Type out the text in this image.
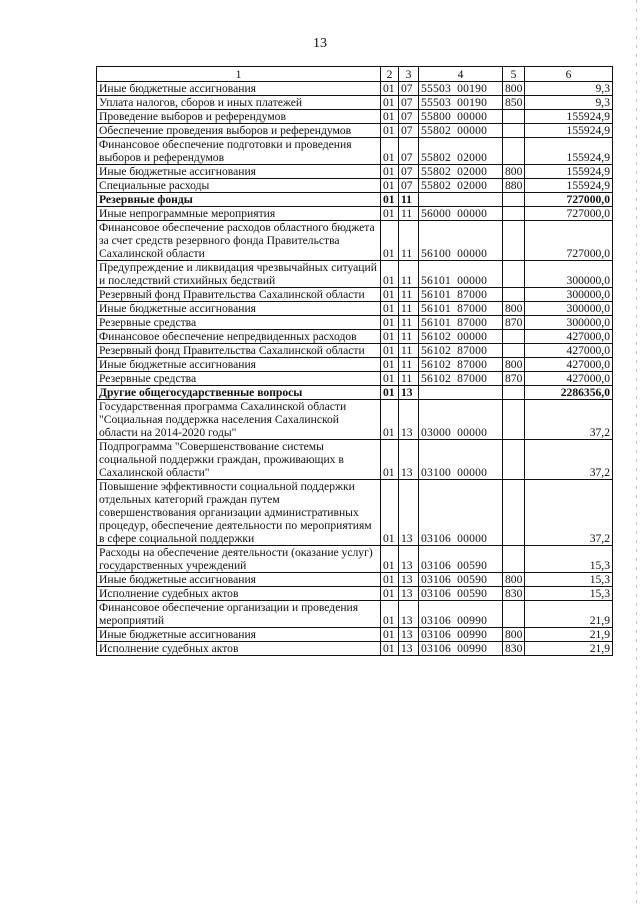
13
1	2	3	4	5	6
Иные бюджетные ассигнования	01	07	55503  00190	800	9,3
Уплата налогов, сборов и иных платежей	01	07	55503  00190	850	9,3
Проведение выборов и референдумов	01	07	55800  00000		155924,9
Обеспечение проведения выборов и референдумов	01	07	55802  00000		155924,9
Финансовое обеспечение подготовки и проведения выборов и референдумов	01	07	55802  02000		155924,9
Иные бюджетные ассигнования	01	07	55802  02000	800	155924,9
Специальные расходы	01	07	55802  02000	880	155924,9
Резервные фонды	01	11			727000,0
Иные непрограммные мероприятия	01	11	56000  00000		727000,0
Финансовое обеспечение расходов областного бюджета за счет средств резервного фонда Правительства Сахалинской области	01	11	56100  00000		727000,0
Предупреждение и ликвидация чрезвычайных ситуаций и последствий стихийных бедствий	01	11	56101  00000		300000,0
Резервный фонд Правительства Сахалинской области	01	11	56101  87000		300000,0
Иные бюджетные ассигнования	01	11	56101  87000	800	300000,0
Резервные средства	01	11	56101  87000	870	300000,0
Финансовое обеспечение непредвиденных расходов	01	11	56102  00000		427000,0
Резервный фонд Правительства Сахалинской области	01	11	56102  87000		427000,0
Иные бюджетные ассигнования	01	11	56102  87000	800	427000,0
Резервные средства	01	11	56102  87000	870	427000,0
Другие общегосударственные вопросы	01	13			2286356,0
Государственная программа Сахалинской области "Социальная поддержка населения Сахалинской области на 2014-2020 годы"	01	13	03000  00000		37,2
Подпрограмма "Совершенствование системы социальной поддержки граждан, проживающих в Сахалинской области"	01	13	03100  00000		37,2
Повышение эффективности социальной поддержки отдельных категорий граждан путем совершенствования организации административных процедур, обеспечение деятельности по мероприятиям в сфере социальной поддержки	01	13	03106  00000		37,2
Расходы на обеспечение деятельности (оказание услуг) государственных учреждений	01	13	03106  00590		15,3
Иные бюджетные ассигнования	01	13	03106  00590	800	15,3
Исполнение судебных актов	01	13	03106  00590	830	15,3
Финансовое обеспечение организации и проведения мероприятий	01	13	03106  00990		21,9
Иные бюджетные ассигнования	01	13	03106  00990	800	21,9
Исполнение судебных актов	01	13	03106  00990	830	21,9
